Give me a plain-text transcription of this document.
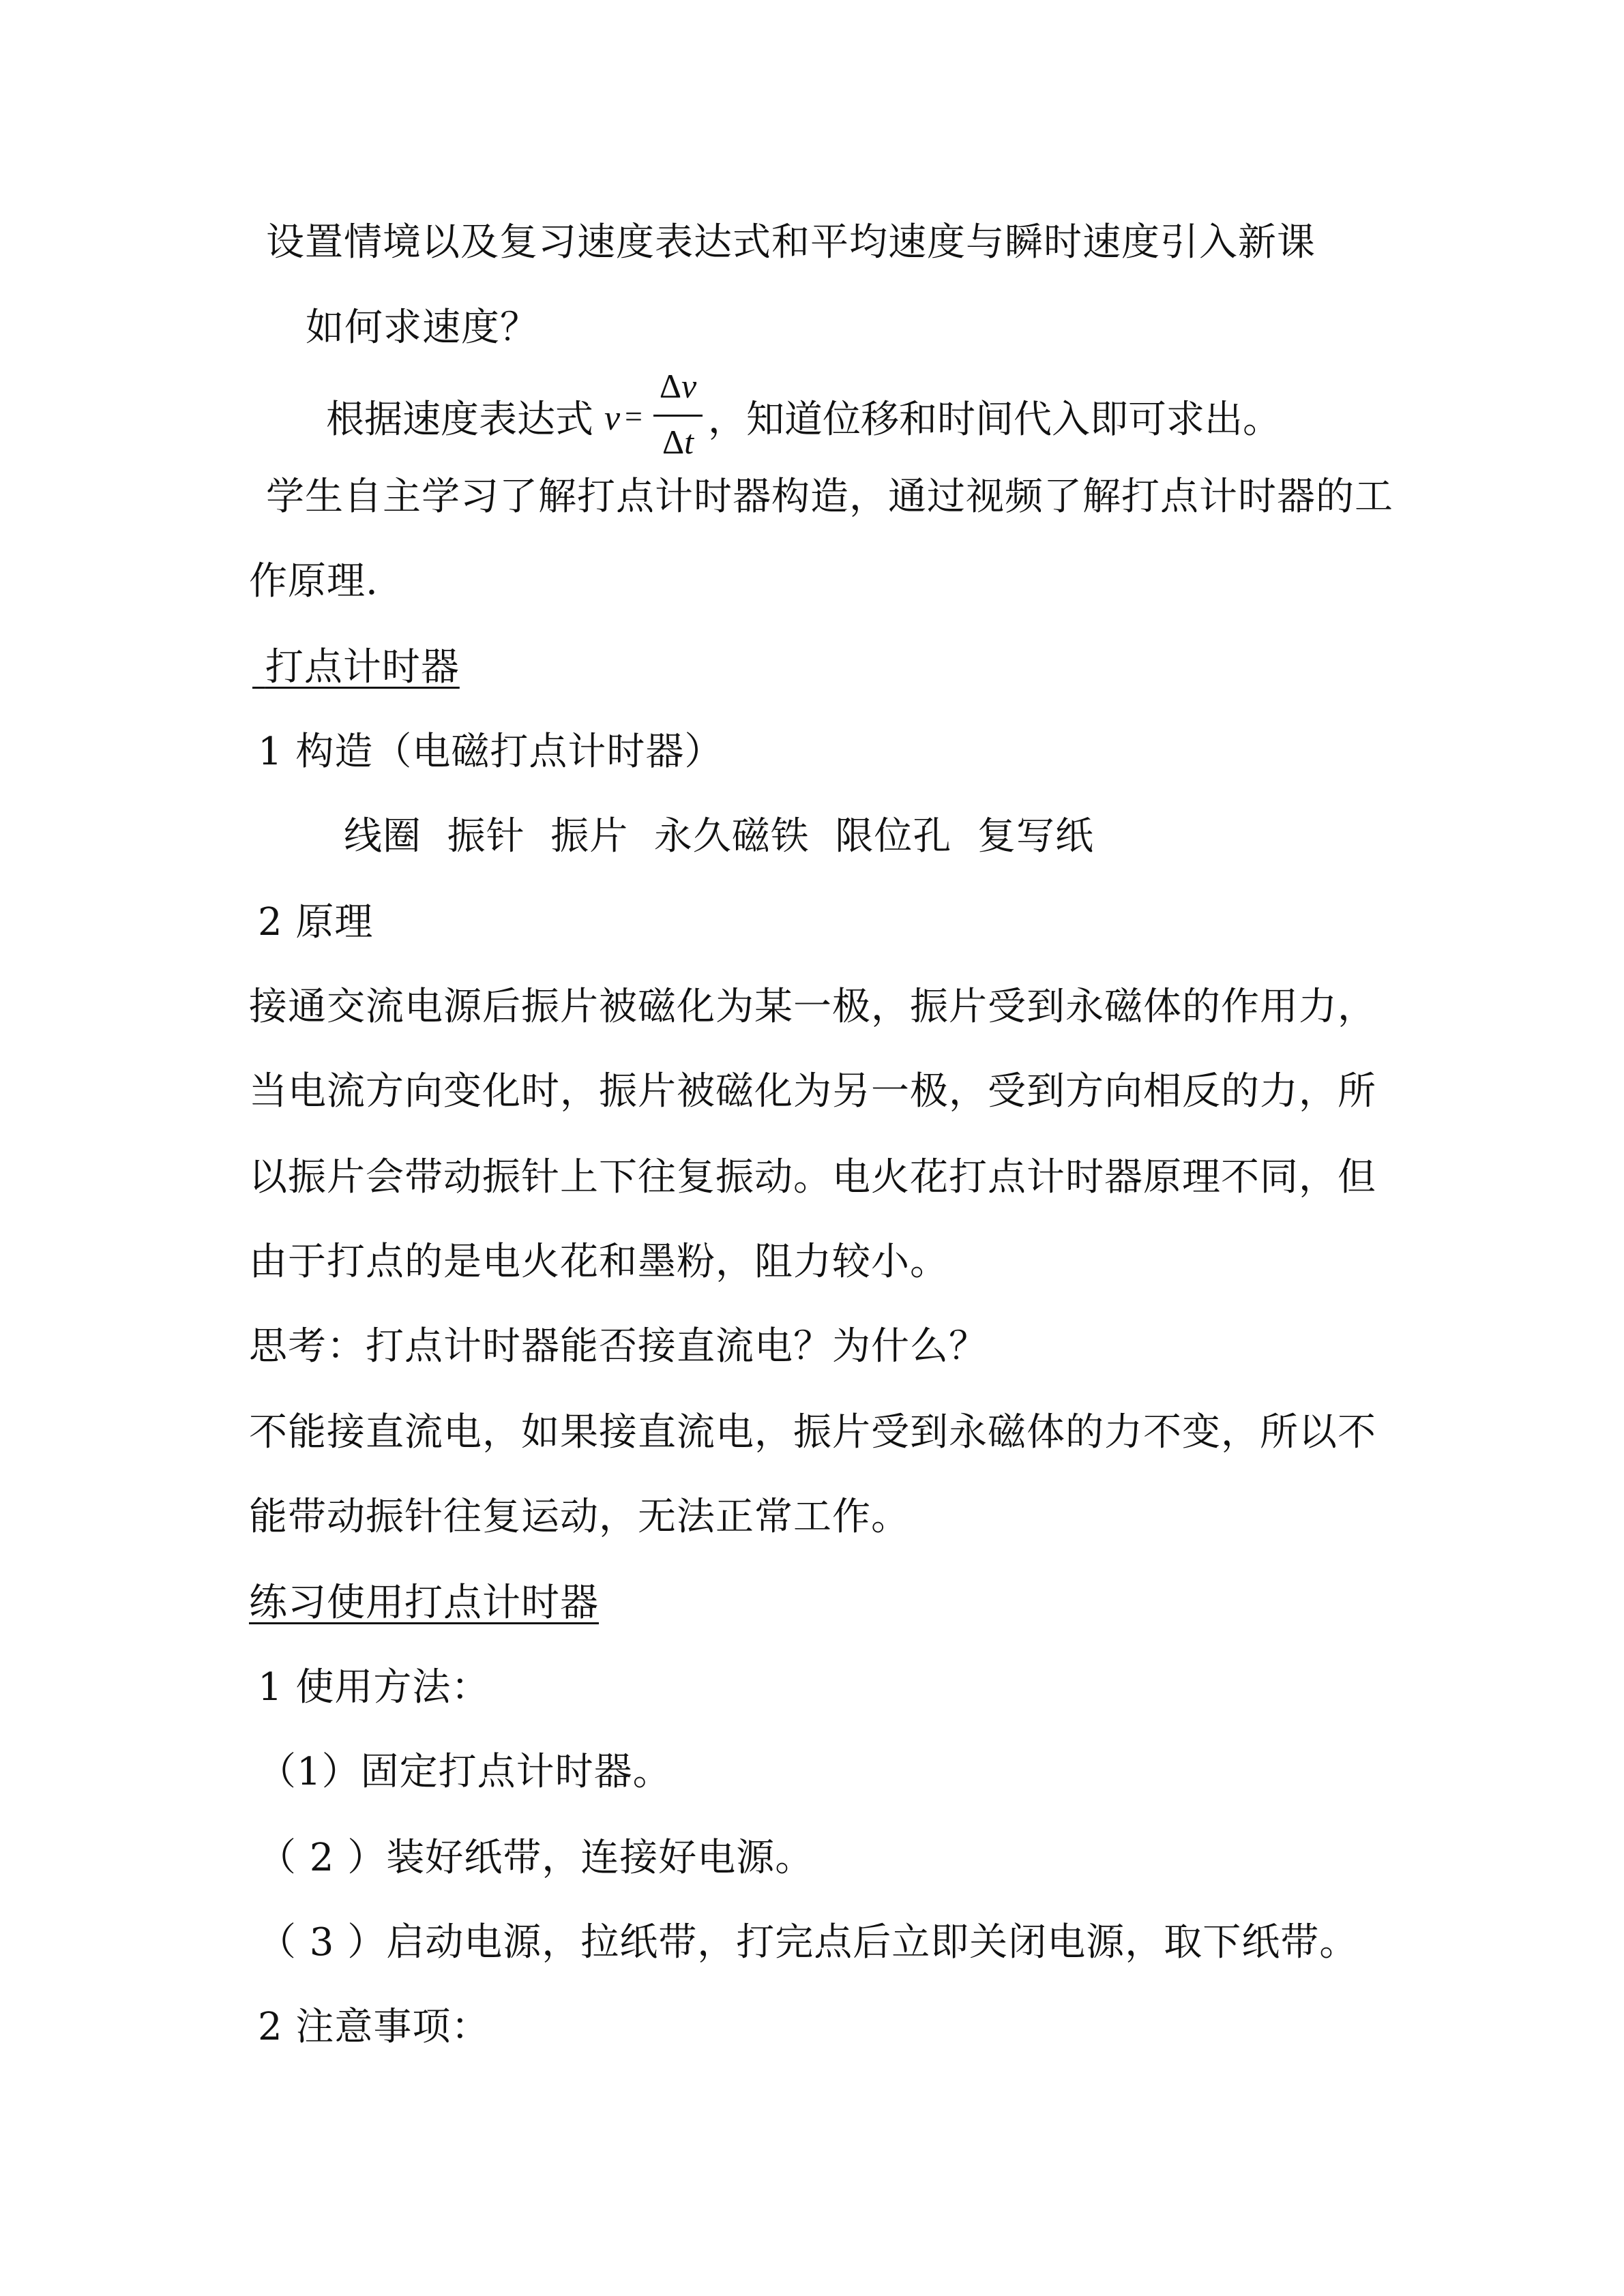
设置情境以及复习速度表达式和平均速度与瞬时速度引入新课
如何求速度？
根据速度表达式 v =
Δv
Δt ，知道位移和时间代入即可求出。
学生自主学习了解打点计时器构造，通过视频了解打点计时器的工
作原理.
打点计时器
1 构造（电磁打点计时器）
线圈  振针  振片  永久磁铁  限位孔  复写纸
2 原理
接通交流电源后振片被磁化为某一极，振片受到永磁体的作用力，
当电流方向变化时，振片被磁化为另一极，受到方向相反的力，所
以振片会带动振针上下往复振动。电火花打点计时器原理不同，但
由于打点的是电火花和墨粉，阻力较小。
思考：打点计时器能否接直流电？为什么？
不能接直流电，如果接直流电，振片受到永磁体的力不变，所以不
能带动振针往复运动，无法正常工作。
练习使用打点计时器
1 使用方法：
（1）固定打点计时器。
（ 2 ）装好纸带，连接好电源。
（ 3 ）启动电源，拉纸带，打完点后立即关闭电源，取下纸带。
2 注意事项：
